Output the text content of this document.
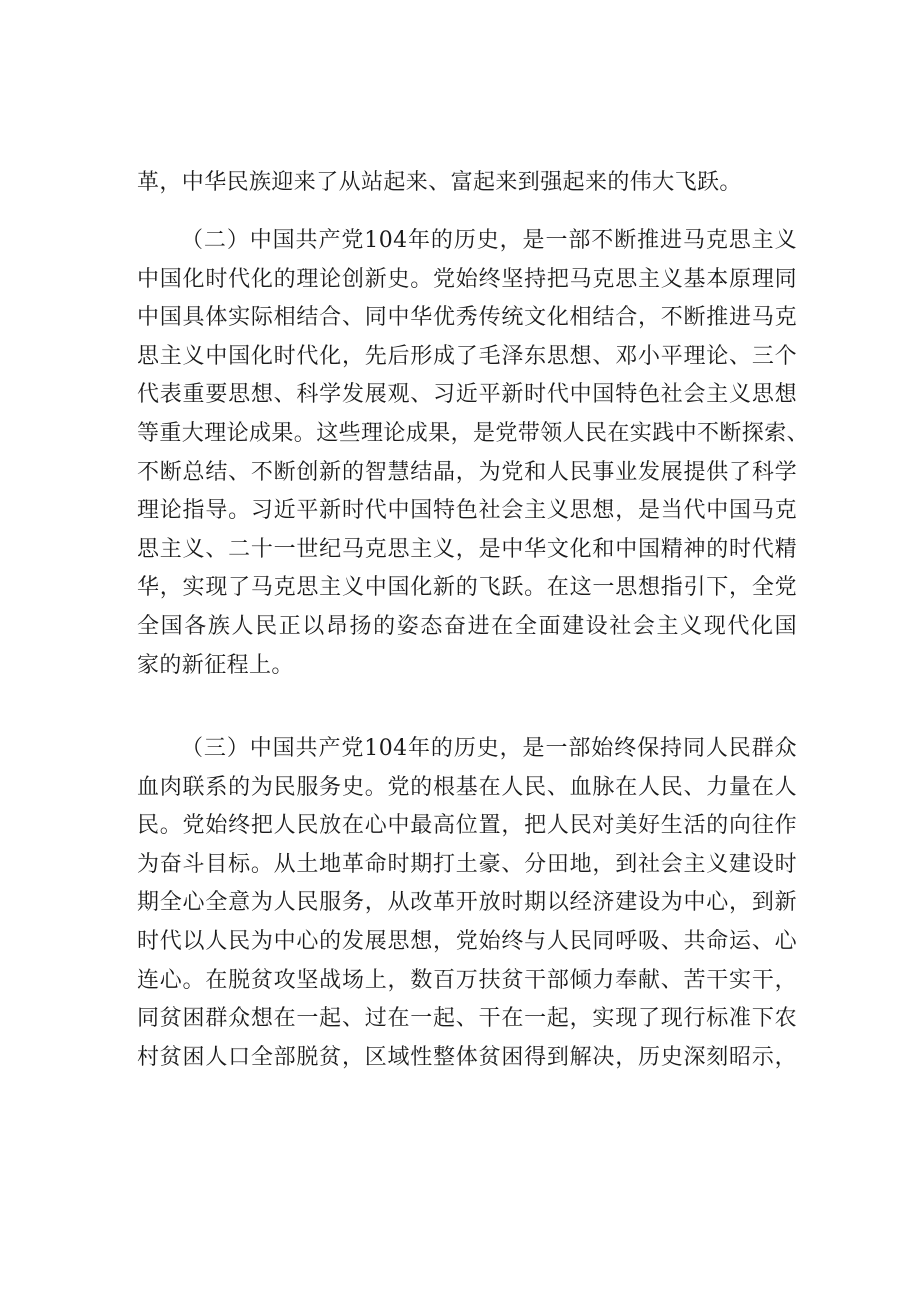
革，中华民族迎来了从站起来、富起来到强起来的伟大飞跃。
（二）中国共产党104年的历史，是一部不断推进马克思主义
中国化时代化的理论创新史。党始终坚持把马克思主义基本原理同
中国具体实际相结合、同中华优秀传统文化相结合，不断推进马克
思主义中国化时代化，先后形成了毛泽东思想、邓小平理论、三个
代表重要思想、科学发展观、习近平新时代中国特色社会主义思想
等重大理论成果。这些理论成果，是党带领人民在实践中不断探索、
不断总结、不断创新的智慧结晶，为党和人民事业发展提供了科学
理论指导。习近平新时代中国特色社会主义思想，是当代中国马克
思主义、二十一世纪马克思主义，是中华文化和中国精神的时代精
华，实现了马克思主义中国化新的飞跃。在这一思想指引下，全党
全国各族人民正以昂扬的姿态奋进在全面建设社会主义现代化国
家的新征程上。
（三）中国共产党104年的历史，是一部始终保持同人民群众
血肉联系的为民服务史。党的根基在人民、血脉在人民、力量在人
民。党始终把人民放在心中最高位置，把人民对美好生活的向往作
为奋斗目标。从土地革命时期打土豪、分田地，到社会主义建设时
期全心全意为人民服务，从改革开放时期以经济建设为中心，到新
时代以人民为中心的发展思想，党始终与人民同呼吸、共命运、心
连心。在脱贫攻坚战场上，数百万扶贫干部倾力奉献、苦干实干，
同贫困群众想在一起、过在一起、干在一起，实现了现行标准下农
村贫困人口全部脱贫，区域性整体贫困得到解决，历史深刻昭示，
